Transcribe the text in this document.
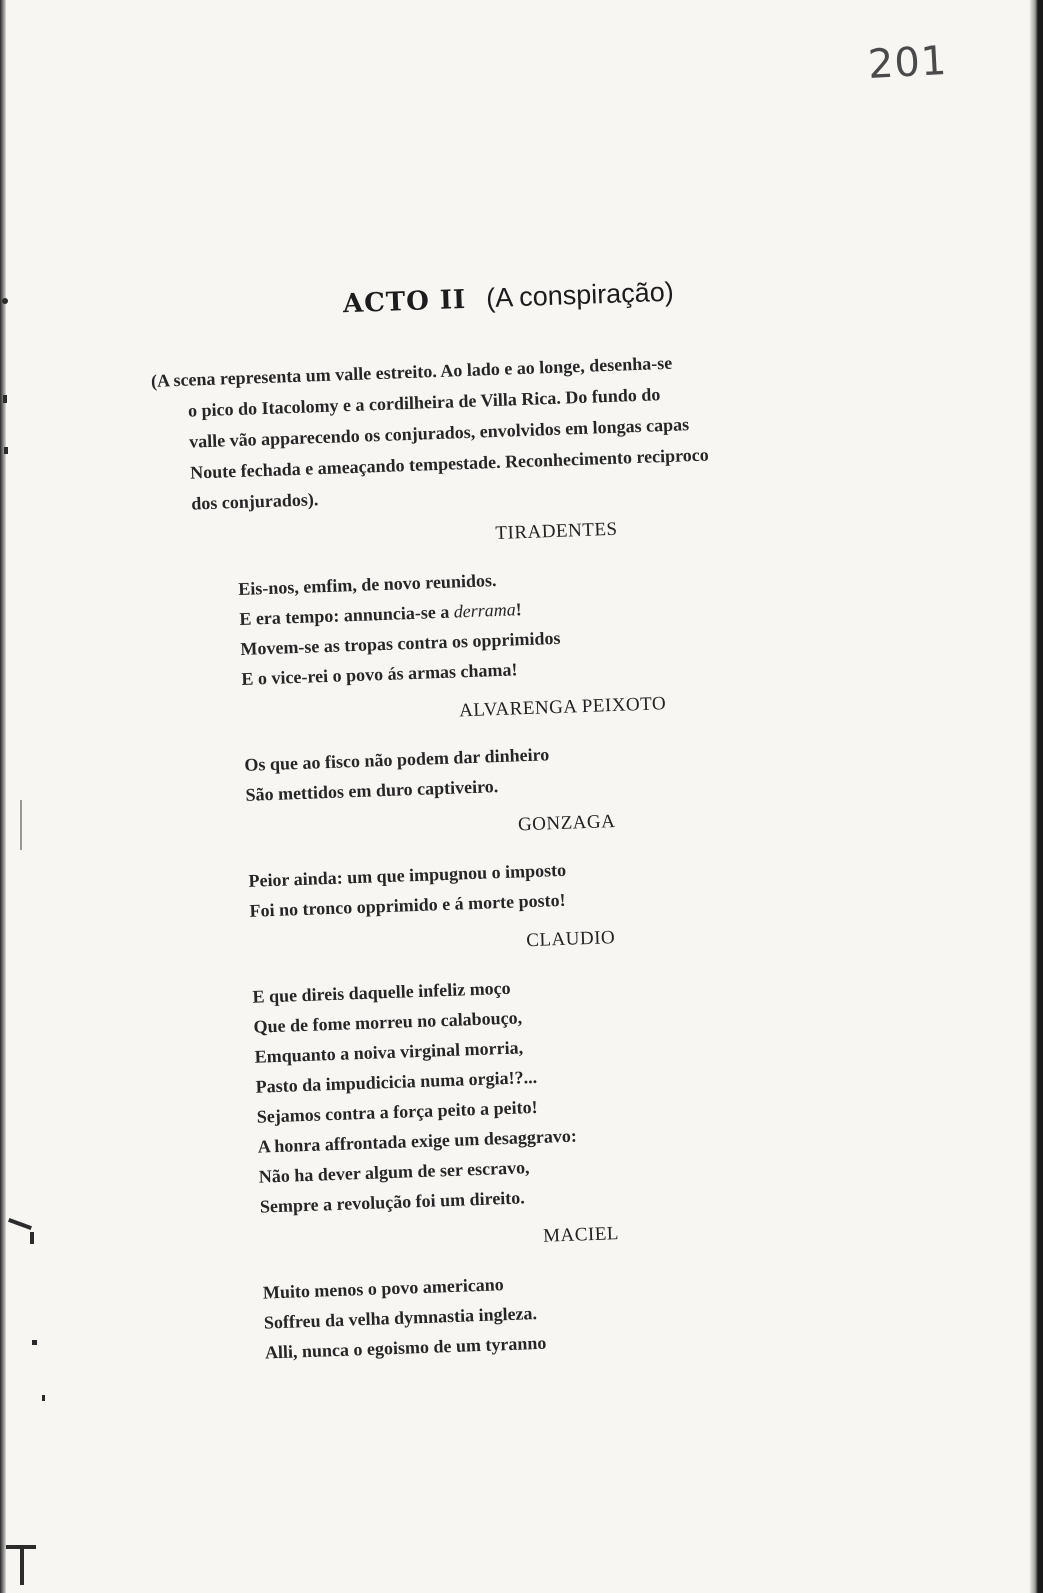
201
ACTO II (A conspiração)

(A scena representa um valle estreito. Ao lado e ao longe, desenha-se

o pico do Itacolomy e a cordilheira de Villa Rica. Do fundo do

valle vão apparecendo os conjurados, envolvidos em longas capas

Noute fechada e ameaçando tempestade. Reconhecimento reciproco

dos conjurados).

TIRADENTES

Eis-nos, emfim, de novo reunidos.

E era tempo: annuncia-se a derrama!

Movem-se as tropas contra os opprimidos

E o vice-rei o povo ás armas chama!

ALVARENGA PEIXOTO

Os que ao fisco não podem dar dinheiro

São mettidos em duro captiveiro.

GONZAGA

Peior ainda: um que impugnou o imposto

Foi no tronco opprimido e á morte posto!

CLAUDIO

E que direis daquelle infeliz moço

Que de fome morreu no calabouço,

Emquanto a noiva virginal morria,

Pasto da impudicicia numa orgia!?...

Sejamos contra a força peito a peito!

A honra affrontada exige um desaggravo:

Não ha dever algum de ser escravo,

Sempre a revolução foi um direito.

MACIEL

Muito menos o povo americano

Soffreu da velha dymnastia ingleza.

Alli, nunca o egoismo de um tyranno
